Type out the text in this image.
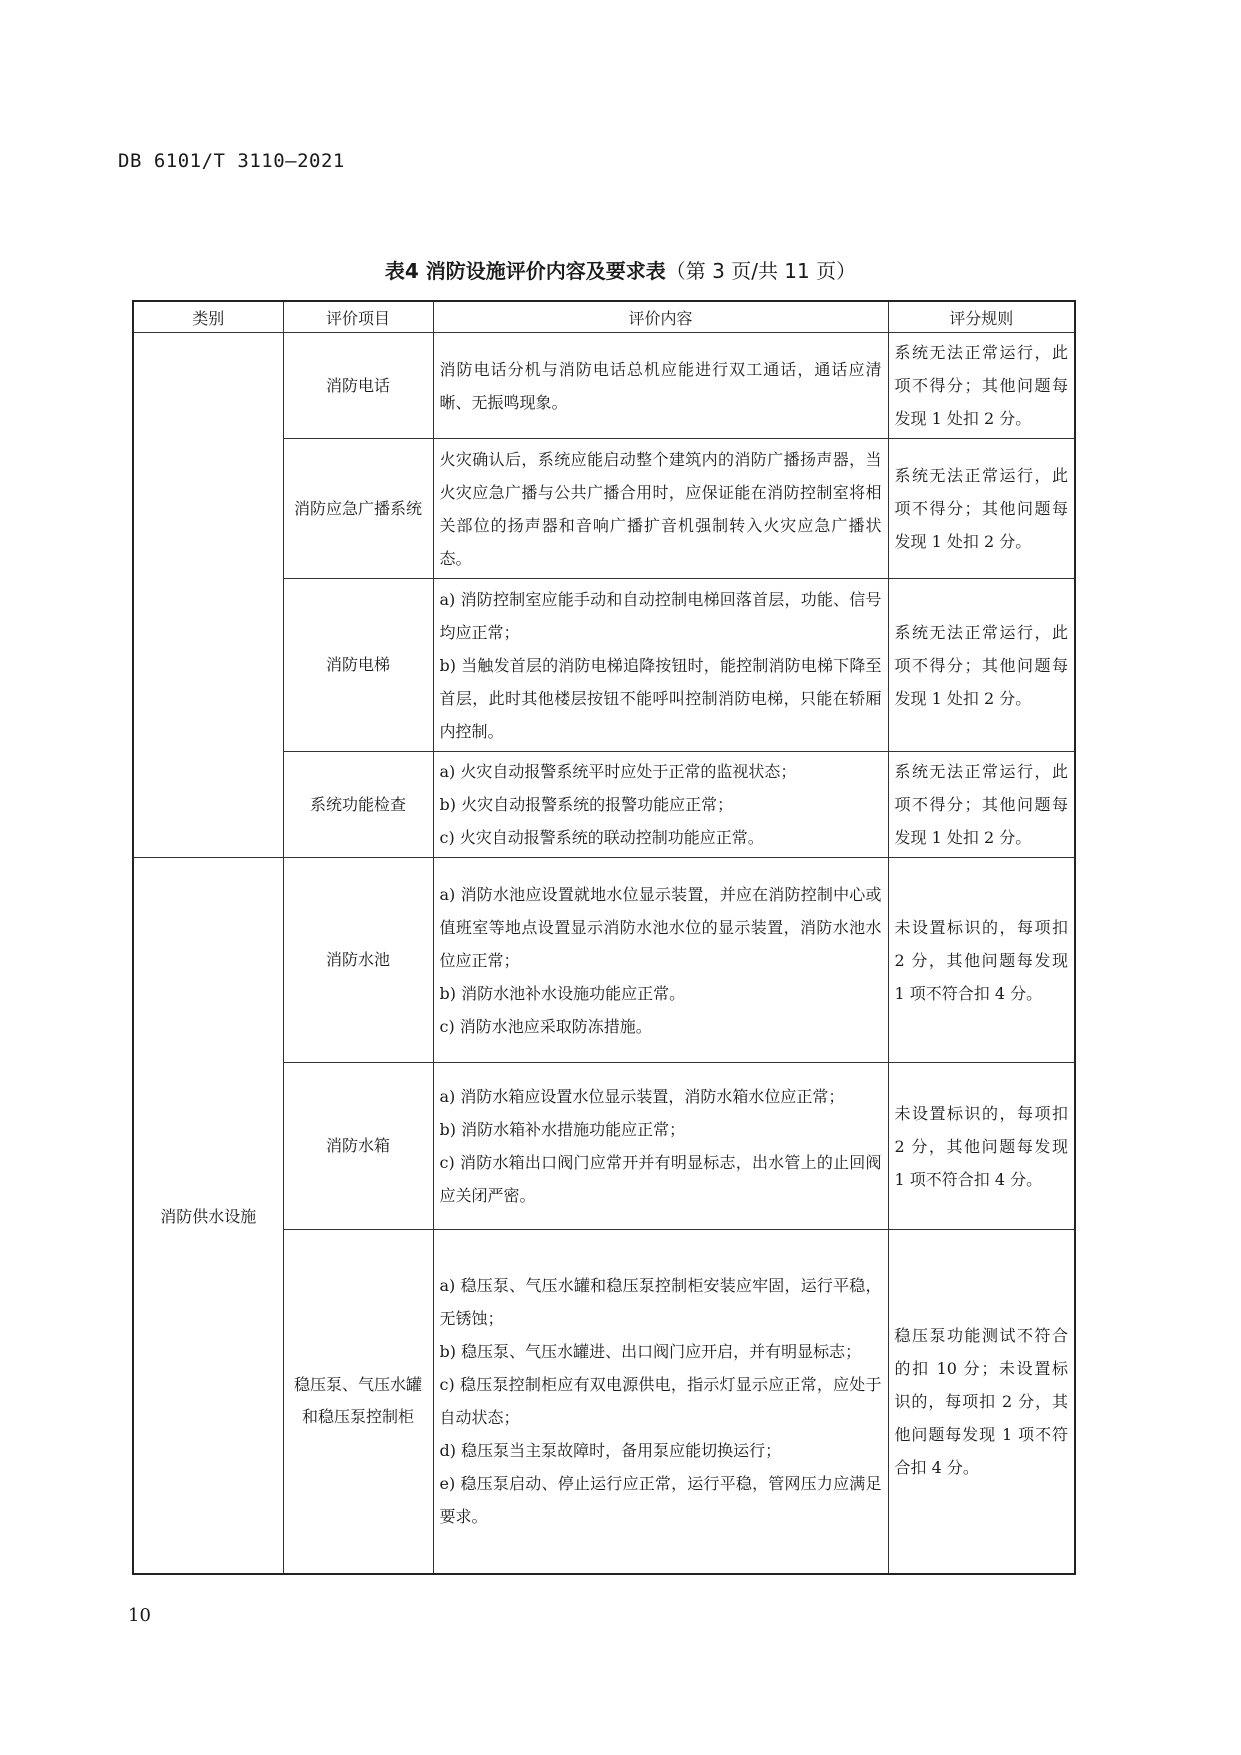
DB 6101/T 3110—2021
表4 消防设施评价内容及要求表（第 3 页/共 11 页）
类别	评价项目	评价内容	评分规则
	消防电话	消防电话分机与消防电话总机应能进行双工通话，通话应清晰、无振鸣现象。	系统无法正常运行，此项不得分；其他问题每发现 1 处扣 2 分。
	消防应急广播系统	火灾确认后，系统应能启动整个建筑内的消防广播扬声器，当火灾应急广播与公共广播合用时，应保证能在消防控制室将相关部位的扬声器和音响广播扩音机强制转入火灾应急广播状态。	系统无法正常运行，此项不得分；其他问题每发现 1 处扣 2 分。
	消防电梯	a) 消防控制室应能手动和自动控制电梯回落首层，功能、信号均应正常；
b) 当触发首层的消防电梯追降按钮时，能控制消防电梯下降至首层，此时其他楼层按钮不能呼叫控制消防电梯，只能在轿厢内控制。	系统无法正常运行，此项不得分；其他问题每发现 1 处扣 2 分。
	系统功能检查	a) 火灾自动报警系统平时应处于正常的监视状态；
b) 火灾自动报警系统的报警功能应正常；
c) 火灾自动报警系统的联动控制功能应正常。	系统无法正常运行，此项不得分；其他问题每发现 1 处扣 2 分。
消防供水设施	消防水池	a) 消防水池应设置就地水位显示装置，并应在消防控制中心或值班室等地点设置显示消防水池水位的显示装置，消防水池水位应正常；
b) 消防水池补水设施功能应正常。
c) 消防水池应采取防冻措施。	未设置标识的，每项扣 2 分，其他问题每发现 1 项不符合扣 4 分。
	消防水箱	a) 消防水箱应设置水位显示装置，消防水箱水位应正常；
b) 消防水箱补水措施功能应正常；
c) 消防水箱出口阀门应常开并有明显标志，出水管上的止回阀应关闭严密。	未设置标识的，每项扣 2 分，其他问题每发现 1 项不符合扣 4 分。
	稳压泵、气压水罐和稳压泵控制柜	a) 稳压泵、气压水罐和稳压泵控制柜安装应牢固，运行平稳，无锈蚀；
b) 稳压泵、气压水罐进、出口阀门应开启，并有明显标志；
c) 稳压泵控制柜应有双电源供电，指示灯显示应正常，应处于自动状态；
d) 稳压泵当主泵故障时，备用泵应能切换运行；
e) 稳压泵启动、停止运行应正常，运行平稳，管网压力应满足要求。	稳压泵功能测试不符合的扣 10 分；未设置标识的，每项扣 2 分，其他问题每发现 1 项不符合扣 4 分。
10
